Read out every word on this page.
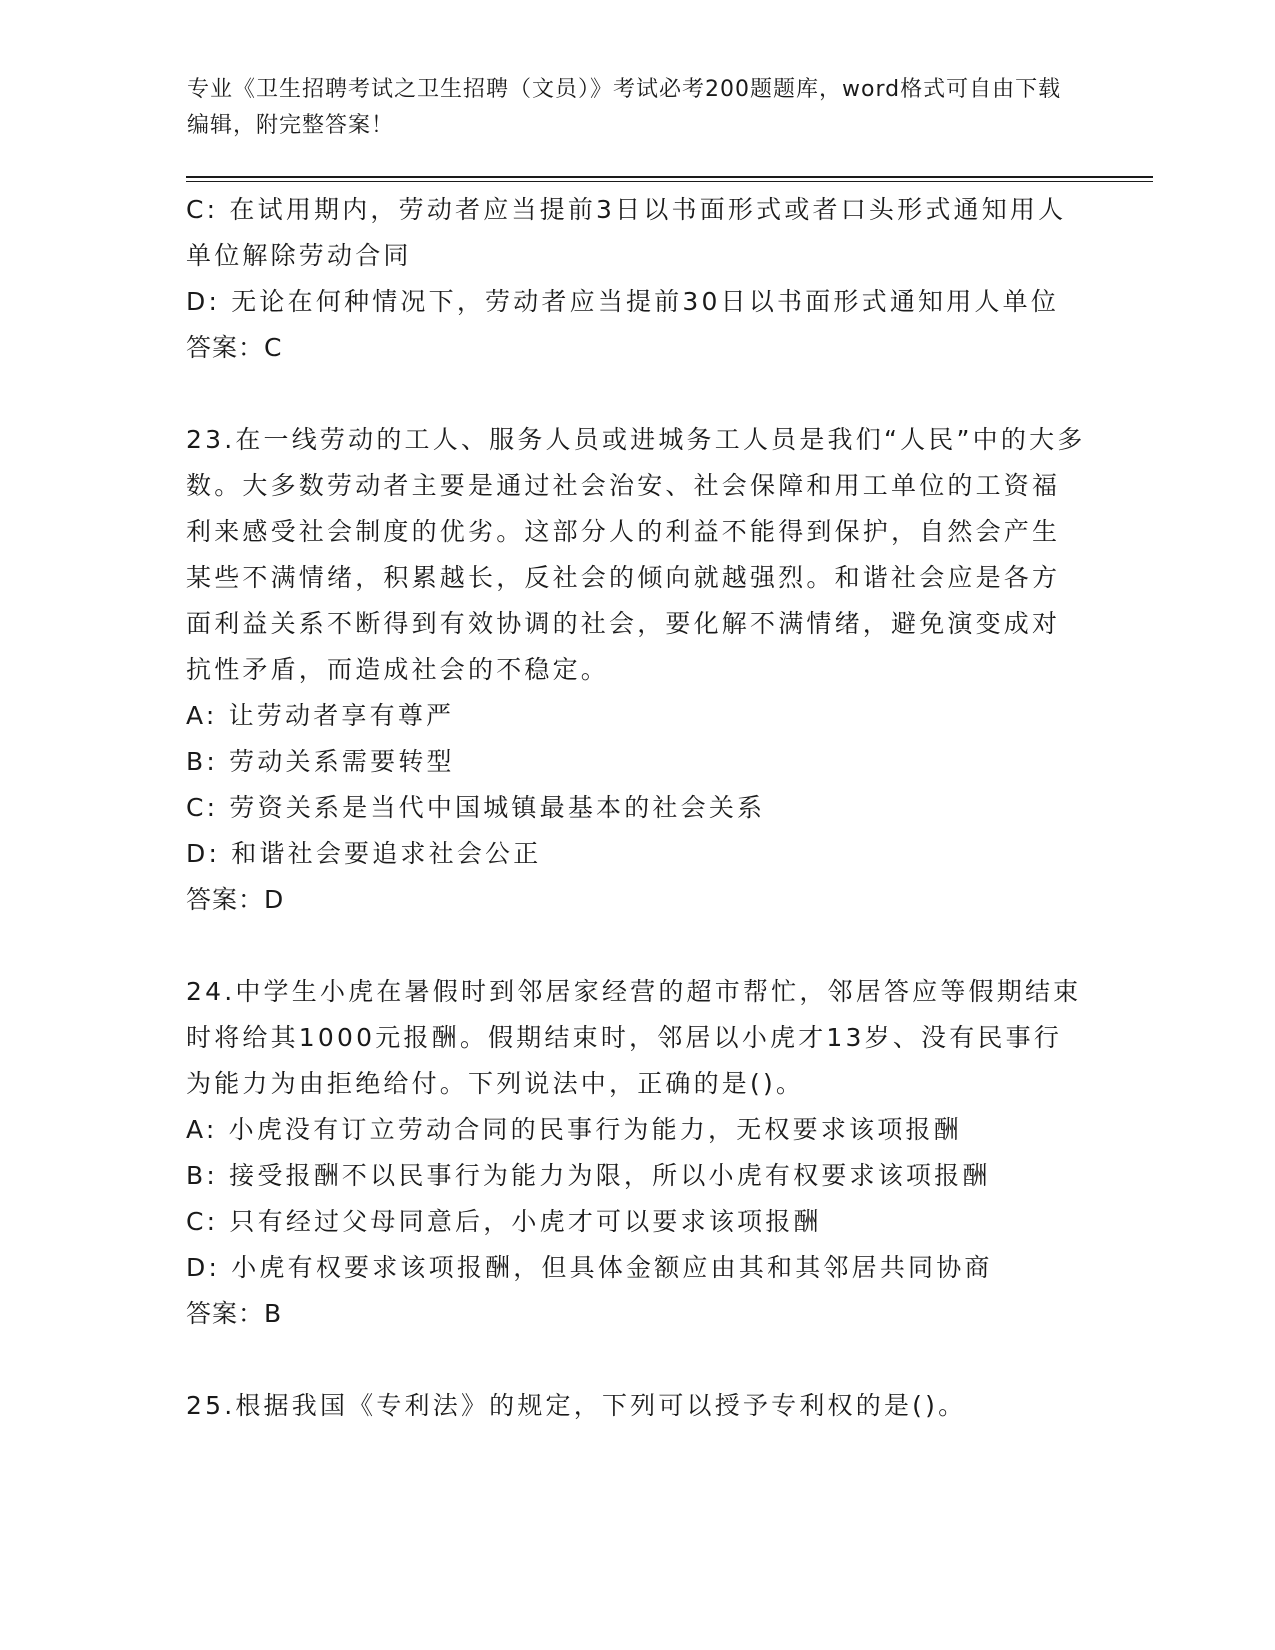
专业《卫生招聘考试之卫生招聘（文员）》考试必考200题题库，word格式可自由下载编辑，附完整答案！

C: 在试用期内，劳动者应当提前3日以书面形式或者口头形式通知用人单位解除劳动合同

D: 无论在何种情况下，劳动者应当提前30日以书面形式通知用人单位

答案：C

23.在一线劳动的工人、服务人员或进城务工人员是我们“人民”中的大多数。大多数劳动者主要是通过社会治安、社会保障和用工单位的工资福利来感受社会制度的优劣。这部分人的利益不能得到保护，自然会产生某些不满情绪，积累越长，反社会的倾向就越强烈。和谐社会应是各方面利益关系不断得到有效协调的社会，要化解不满情绪，避免演变成对抗性矛盾，而造成社会的不稳定。

A: 让劳动者享有尊严

B: 劳动关系需要转型

C: 劳资关系是当代中国城镇最基本的社会关系

D: 和谐社会要追求社会公正

答案：D

24.中学生小虎在暑假时到邻居家经营的超市帮忙，邻居答应等假期结束时将给其1000元报酬。假期结束时，邻居以小虎才13岁、没有民事行为能力为由拒绝给付。下列说法中，正确的是()。

A: 小虎没有订立劳动合同的民事行为能力，无权要求该项报酬

B: 接受报酬不以民事行为能力为限，所以小虎有权要求该项报酬

C: 只有经过父母同意后，小虎才可以要求该项报酬

D: 小虎有权要求该项报酬，但具体金额应由其和其邻居共同协商

答案：B

25.根据我国《专利法》的规定，下列可以授予专利权的是()。
